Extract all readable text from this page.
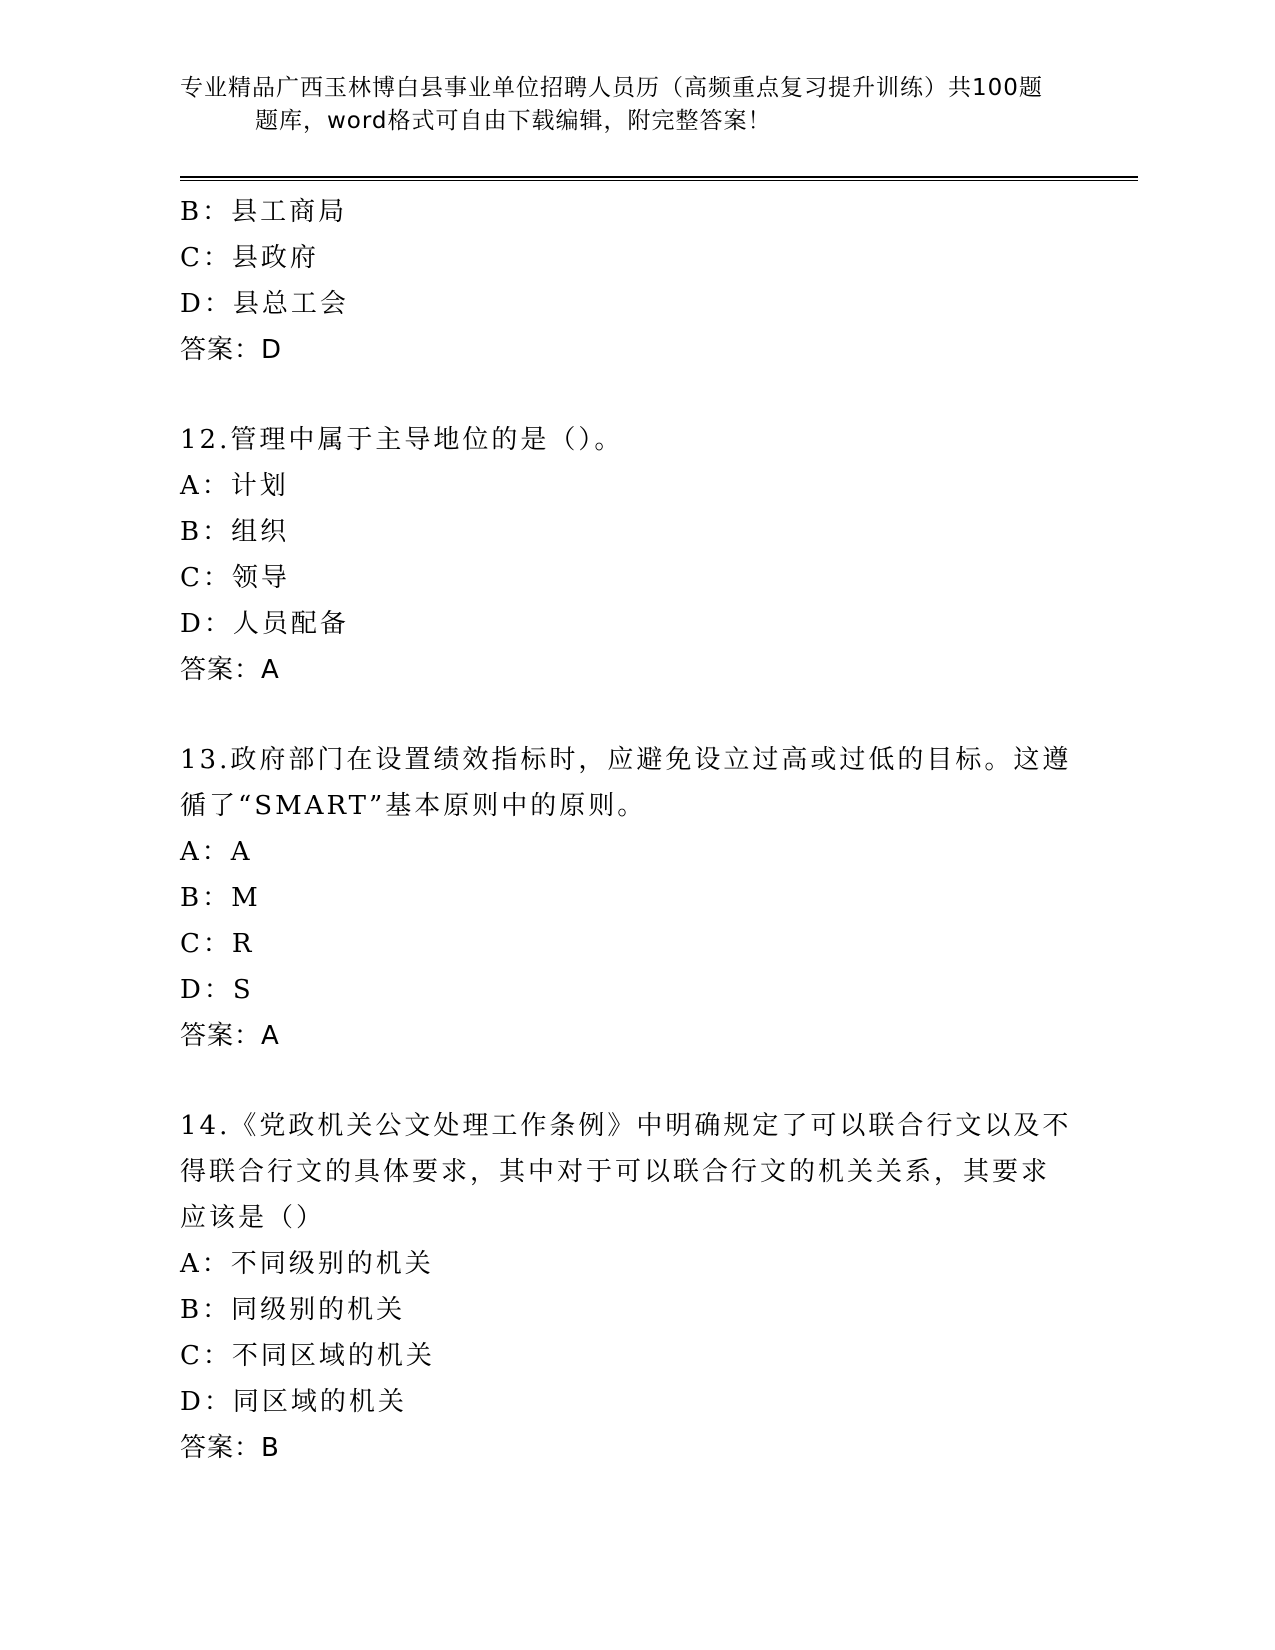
专业精品广西玉林博白县事业单位招聘人员历（高频重点复习提升训练）共100题
题库，word格式可自由下载编辑，附完整答案！
B：县工商局
C：县政府
D：县总工会
答案：D
12.管理中属于主导地位的是（）。
A：计划
B：组织
C：领导
D：人员配备
答案：A
13.政府部门在设置绩效指标时，应避免设立过高或过低的目标。这遵
循了“SMART”基本原则中的原则。
A：A
B：M
C：R
D：S
答案：A
14.《党政机关公文处理工作条例》中明确规定了可以联合行文以及不
得联合行文的具体要求，其中对于可以联合行文的机关关系，其要求
应该是（）
A：不同级别的机关
B：同级别的机关
C：不同区域的机关
D：同区域的机关
答案：B
